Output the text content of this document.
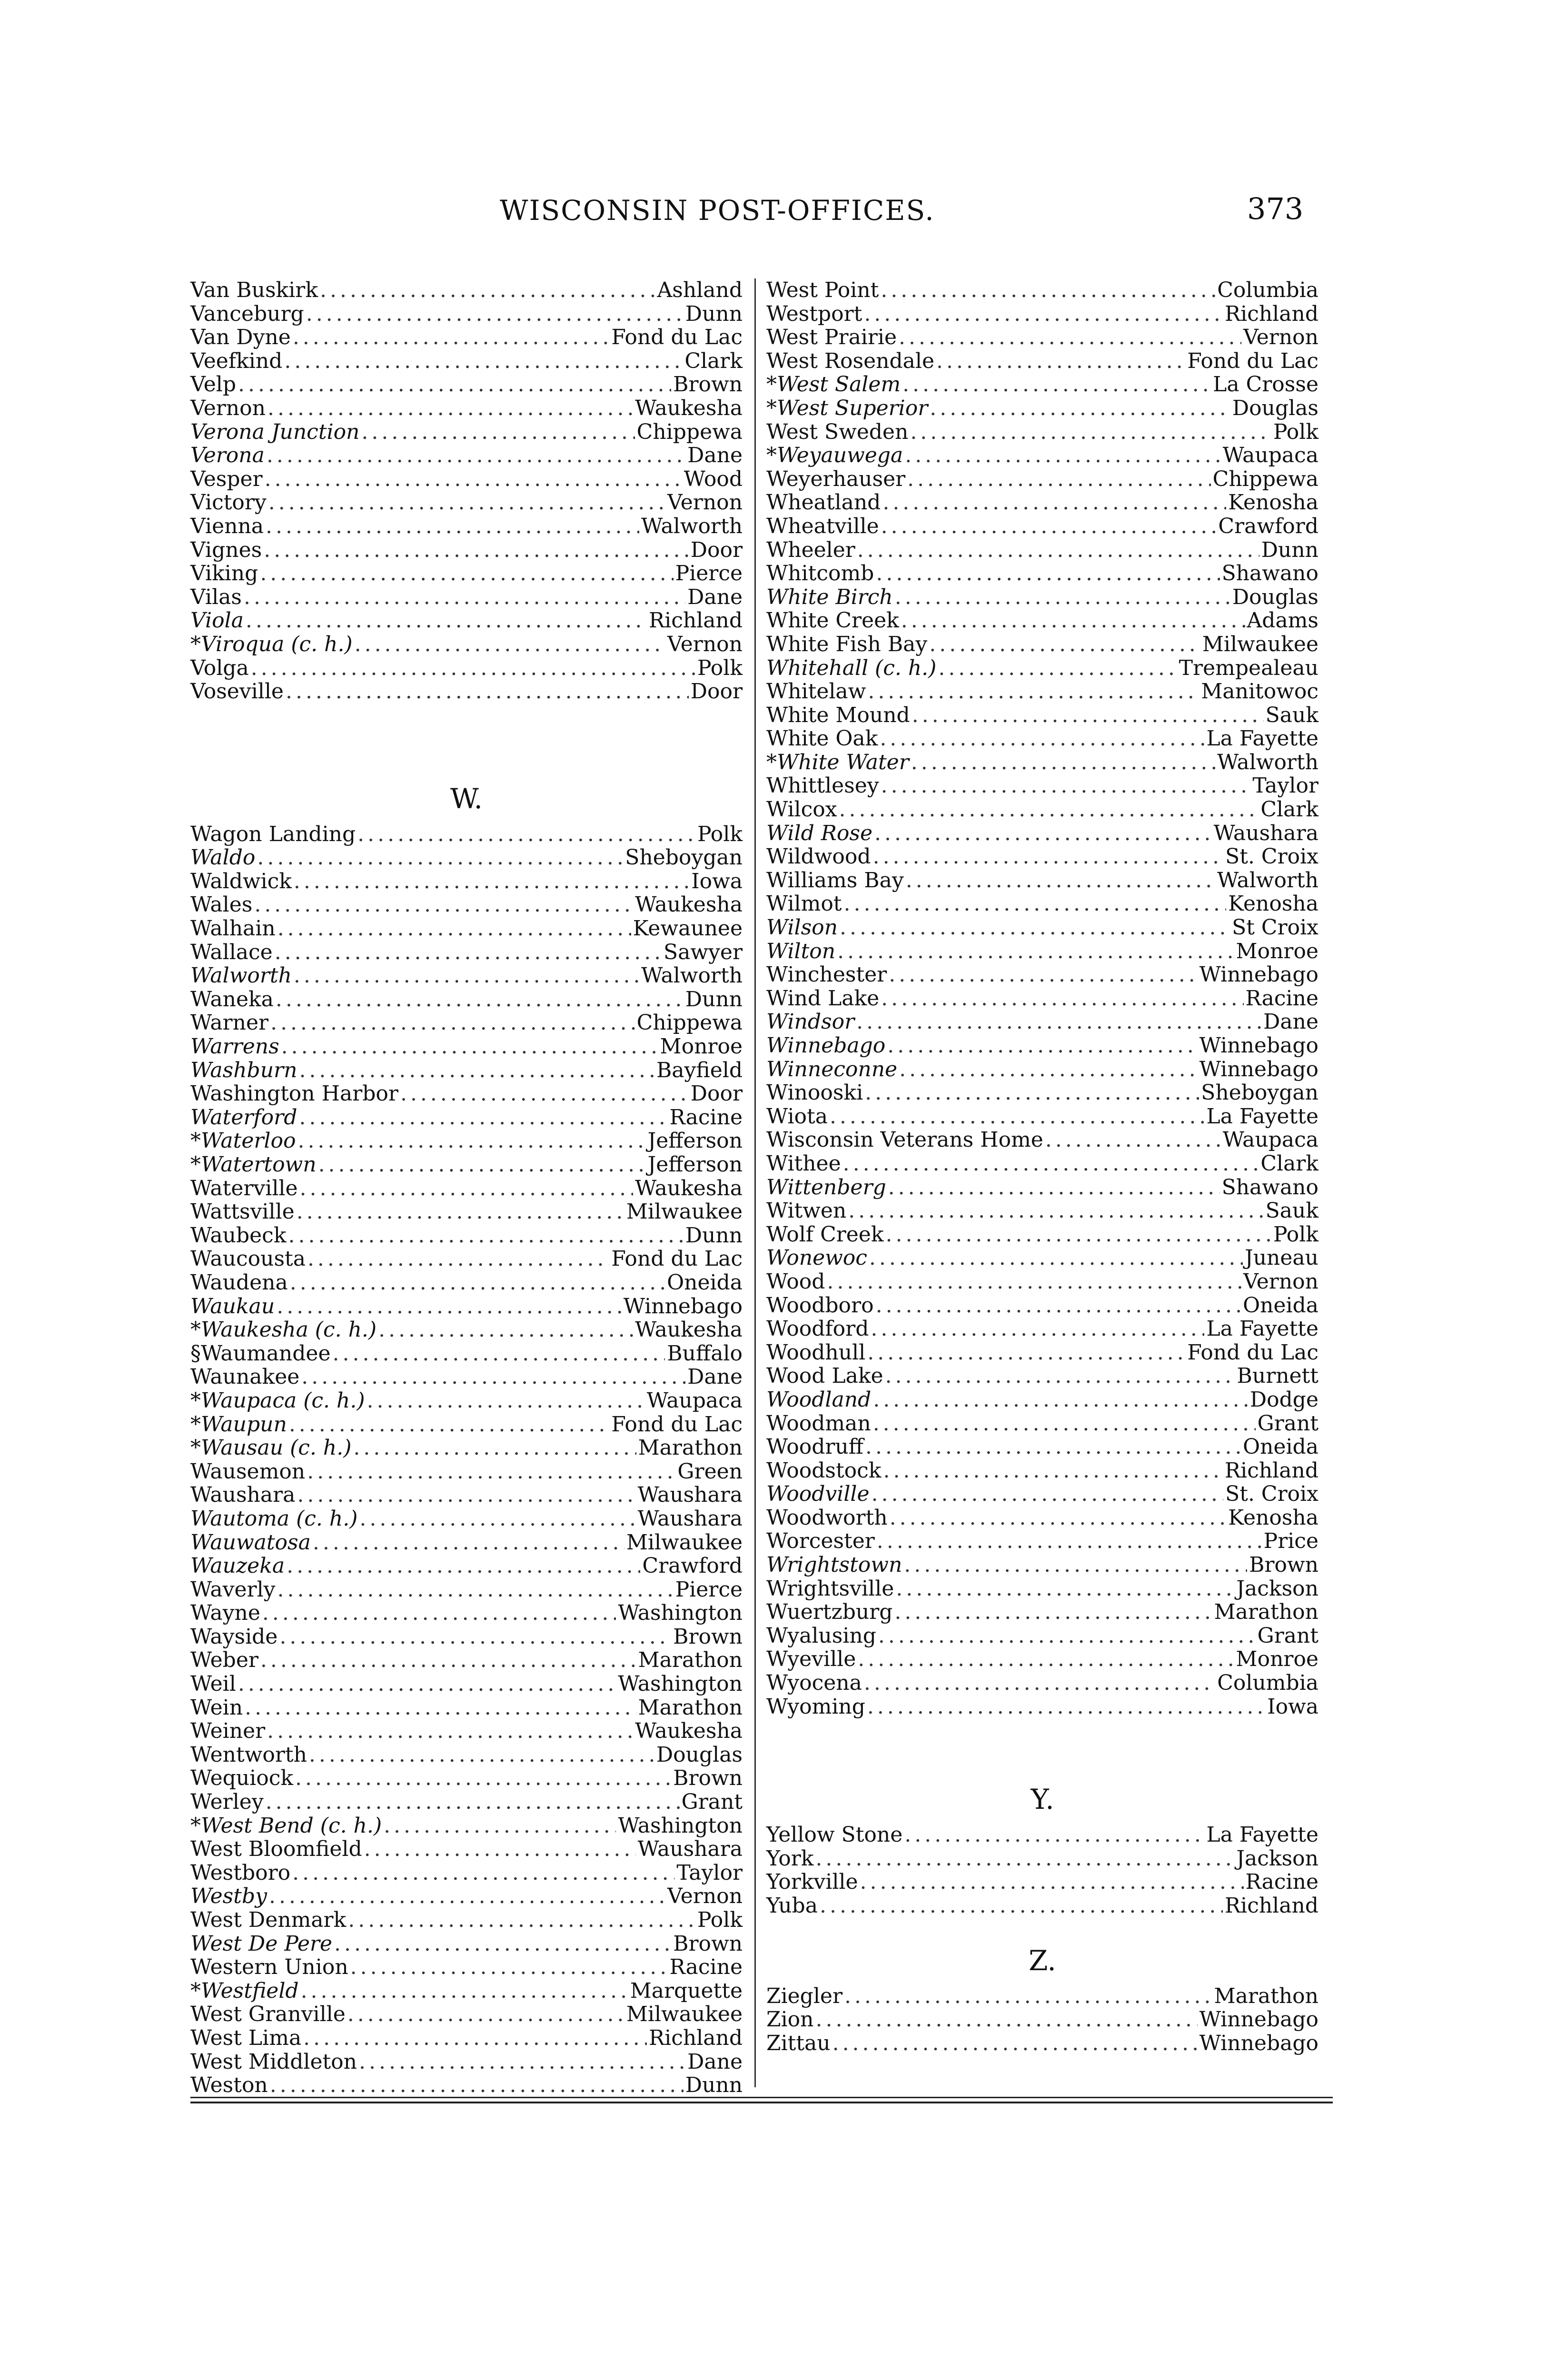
WISCONSIN POST-OFFICES.	373
Van Buskirk .....	Ashland
Vanceburg .....	Dunn
Van Dyne .....	Fond du Lac
Veefkind .....	Clark
Velp .....	Brown
Vernon .....	Waukesha
Verona Junction .....	Chippewa
Verona .....	Dane
Vesper .....	Wood
Victory .....	Vernon
Vienna .....	Walworth
Vignes .....	Door
Viking .....	Pierce
Vilas .....	Dane
Viola .....	Richland
*Viroqua (c. h.) .....	Vernon
Volga .....	Polk
Voseville .....	Door
W.
Wagon Landing .....	Polk
Waldo .....	Sheboygan
Waldwick .....	Iowa
Wales .....	Waukesha
Walhain .....	Kewaunee
Wallace .....	Sawyer
Walworth .....	Walworth
Waneka .....	Dunn
Warner .....	Chippewa
Warrens .....	Monroe
Washburn .....	Bayfield
Washington Harbor .....	Door
Waterford .....	Racine
*Waterloo .....	Jefferson
*Watertown .....	Jefferson
Waterville .....	Waukesha
Wattsville .....	Milwaukee
Waubeck .....	Dunn
Waucousta .....	Fond du Lac
Waudena .....	Oneida
Waukau .....	Winnebago
*Waukesha (c. h.) .....	Waukesha
§Waumandee .....	Buffalo
Waunakee .....	Dane
*Waupaca (c. h.) .....	Waupaca
*Waupun .....	Fond du Lac
*Wausau (c. h.) .....	Marathon
Wausemon .....	Green
Waushara .....	Waushara
Wautoma (c. h.) .....	Waushara
Wauwatosa .....	Milwaukee
Wauzeka .....	Crawford
Waverly .....	Pierce
Wayne .....	Washington
Wayside .....	Brown
Weber .....	Marathon
Weil .....	Washington
Wein .....	Marathon
Weiner .....	Waukesha
Wentworth .....	Douglas
Wequiock .....	Brown
Werley .....	Grant
*West Bend (c. h.) .....	Washington
West Bloomfield .....	Waushara
Westboro .....	Taylor
Westby .....	Vernon
West Denmark .....	Polk
West De Pere .....	Brown
Western Union .....	Racine
*Westfield .....	Marquette
West Granville .....	Milwaukee
West Lima .....	Richland
West Middleton .....	Dane
Weston .....	Dunn
West Point .....	Columbia
Westport .....	Richland
West Prairie .....	Vernon
West Rosendale .....	Fond du Lac
*West Salem .....	La Crosse
*West Superior .....	Douglas
West Sweden .....	Polk
*Weyauwega .....	Waupaca
Weyerhauser .....	Chippewa
Wheatland .....	Kenosha
Wheatville .....	Crawford
Wheeler .....	Dunn
Whitcomb .....	Shawano
White Birch .....	Douglas
White Creek .....	Adams
White Fish Bay .....	Milwaukee
Whitehall (c. h.) .....	Trempealeau
Whitelaw .....	Manitowoc
White Mound .....	Sauk
White Oak .....	La Fayette
*White Water .....	Walworth
Whittlesey .....	Taylor
Wilcox .....	Clark
Wild Rose .....	Waushara
Wildwood .....	St. Croix
Williams Bay .....	Walworth
Wilmot .....	Kenosha
Wilson .....	St Croix
Wilton .....	Monroe
Winchester .....	Winnebago
Wind Lake .....	Racine
Windsor .....	Dane
Winnebago .....	Winnebago
Winneconne .....	Winnebago
Winooski .....	Sheboygan
Wiota .....	La Fayette
Wisconsin Veterans Home .....	Waupaca
Withee .....	Clark
Wittenberg .....	Shawano
Witwen .....	Sauk
Wolf Creek .....	Polk
Wonewoc .....	Juneau
Wood .....	Vernon
Woodboro .....	Oneida
Woodford .....	La Fayette
Woodhull .....	Fond du Lac
Wood Lake .....	Burnett
Woodland .....	Dodge
Woodman .....	Grant
Woodruff .....	Oneida
Woodstock .....	Richland
Woodville .....	St. Croix
Woodworth .....	Kenosha
Worcester .....	Price
Wrightstown .....	Brown
Wrightsville .....	Jackson
Wuertzburg .....	Marathon
Wyalusing .....	Grant
Wyeville .....	Monroe
Wyocena .....	Columbia
Wyoming .....	Iowa
Y.
Yellow Stone .....	La Fayette
York .....	Jackson
Yorkville .....	Racine
Yuba .....	Richland
Z.
Ziegler .....	Marathon
Zion .....	Winnebago
Zittau .....	Winnebago
